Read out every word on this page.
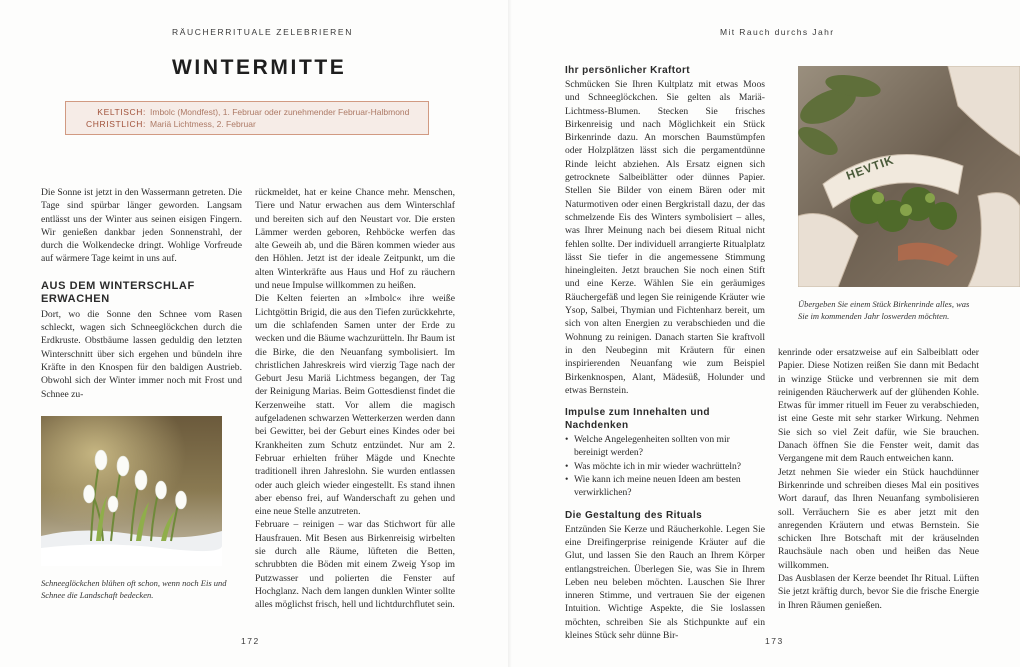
RÄUCHERRITUALE ZELEBRIEREN
WINTERMITTE
KELTISCH: Imbolc (Mondfest), 1. Februar oder zunehmender Februar-Halbmond
CHRISTLICH: Mariä Lichtmess, 2. Februar

Die Sonne ist jetzt in den Wassermann getreten. Die Tage sind spürbar länger geworden. Langsam entlässt uns der Winter aus seinen eisigen Fingern. Wir genießen dankbar jeden Sonnenstrahl, der durch die Wolkendecke dringt. Wohlige Vorfreude auf wärmere Tage keimt in uns auf.

AUS DEM WINTERSCHLAF ERWACHEN

Dort, wo die Sonne den Schnee vom Rasen schleckt, wagen sich Schneeglöckchen durch die Erdkruste. Obstbäume lassen geduldig den letzten Winterschnitt über sich ergehen und bündeln ihre Kräfte in den Knospen für den baldigen Austrieb. Obwohl sich der Winter immer noch mit Frost und Schnee zu-

Schneeglöckchen blühen oft schon, wenn noch Eis und Schnee die Landschaft bedecken.

rückmeldet, hat er keine Chance mehr. Menschen, Tiere und Natur erwachen aus dem Winterschlaf und bereiten sich auf den Neustart vor. Die ersten Lämmer werden geboren, Rehböcke werfen das alte Geweih ab, und die Bären kommen wieder aus den Höhlen. Jetzt ist der ideale Zeitpunkt, um die alten Winterkräfte aus Haus und Hof zu räuchern und neue Impulse willkommen zu heißen.

Die Kelten feierten an »Imbolc« ihre weiße Lichtgöttin Brigid, die aus den Tiefen zurückkehrte, um die schlafenden Samen unter der Erde zu wecken und die Bäume wachzurütteln. Ihr Baum ist die Birke, die den Neuanfang symbolisiert. Im christlichen Jahreskreis wird vierzig Tage nach der Geburt Jesu Mariä Lichtmess begangen, der Tag der Reinigung Marias. Beim Gottesdienst findet die Kerzenweihe statt. Vor allem die magisch aufgeladenen schwarzen Wetterkerzen werden dann bei Gewitter, bei der Geburt eines Kindes oder bei Krankheiten zum Schutz entzündet. Nur am 2. Februar erhielten früher Mägde und Knechte traditionell ihren Jahreslohn. Sie wurden entlassen oder auch gleich wieder eingestellt. Es stand ihnen aber ebenso frei, auf Wanderschaft zu gehen und eine neue Stelle anzutreten.

Februare – reinigen – war das Stichwort für alle Hausfrauen. Mit Besen aus Birkenreisig wirbelten sie durch alle Räume, lüfteten die Betten, schrubbten die Böden mit einem Zweig Ysop im Putzwasser und polierten die Fenster auf Hochglanz. Nach dem langen dunklen Winter sollte alles möglichst frisch, hell und lichtdurchflutet sein.

172
Mit Rauch durchs Jahr
Ihr persönlicher Kraftort

Schmücken Sie Ihren Kultplatz mit etwas Moos und Schneeglöckchen. Sie gelten als Mariä-Lichtmess-Blumen. Stecken Sie frisches Birkenreisig und nach Möglichkeit ein Stück Birkenrinde dazu. An morschen Baumstümpfen oder Holzplätzen lässt sich die pergamentdünne Rinde leicht abziehen. Als Ersatz eignen sich getrocknete Salbeiblätter oder dünnes Papier. Stellen Sie Bilder von einem Bären oder mit Naturmotiven oder einen Bergkristall dazu, der das schmelzende Eis des Winters symbolisiert – alles, was Ihrer Meinung nach bei diesem Ritual nicht fehlen sollte. Der individuell arrangierte Ritualplatz lässt Sie tiefer in die angemessene Stimmung hineingleiten. Jetzt brauchen Sie noch einen Stift und eine Kerze. Wählen Sie ein geräumiges Räuchergefäß und legen Sie reinigende Kräuter wie Ysop, Salbei, Thymian und Fichtenharz bereit, um sich von alten Energien zu verabschieden und die Wohnung zu reinigen. Danach starten Sie kraftvoll in den Neubeginn mit Kräutern für einen inspirierenden Neuanfang wie zum Beispiel Birkenknospen, Alant, Mädesüß, Holunder und etwas Bernstein.

Impulse zum Innehalten und Nachdenken
• Welche Angelegenheiten sollten von mir bereinigt werden?
• Was möchte ich in mir wieder wachrütteln?
• Wie kann ich meine neuen Ideen am besten verwirklichen?
Die Gestaltung des Rituals

Entzünden Sie Kerze und Räucherkohle. Legen Sie eine Dreifingerprise reinigende Kräuter auf die Glut, und lassen Sie den Rauch an Ihrem Körper entlangstreichen. Überlegen Sie, was Sie in Ihrem Leben neu beleben möchten. Lauschen Sie Ihrer inneren Stimme, und vertrauen Sie der eigenen Intuition. Wichtige Aspekte, die Sie loslassen möchten, schreiben Sie als Stichpunkte auf ein kleines Stück sehr dünne Bir-

HEVTIK

Übergeben Sie einem Stück Birkenrinde alles, was Sie im kommenden Jahr loswerden möchten.

kenrinde oder ersatzweise auf ein Salbeiblatt oder Papier. Diese Notizen reißen Sie dann mit Bedacht in winzige Stücke und verbrennen sie mit dem reinigenden Räucherwerk auf der glühenden Kohle. Etwas für immer rituell im Feuer zu verabschieden, ist eine Geste mit sehr starker Wirkung. Nehmen Sie sich so viel Zeit dafür, wie Sie brauchen. Danach öffnen Sie die Fenster weit, damit das Vergangene mit dem Rauch entweichen kann.

Jetzt nehmen Sie wieder ein Stück hauchdünner Birkenrinde und schreiben dieses Mal ein positives Wort darauf, das Ihren Neuanfang symbolisieren soll. Verräuchern Sie es aber jetzt mit den anregenden Kräutern und etwas Bernstein. Sie schicken Ihre Botschaft mit der kräuselnden Rauchsäule nach oben und heißen das Neue willkommen.

Das Ausblasen der Kerze beendet Ihr Ritual. Lüften Sie jetzt kräftig durch, bevor Sie die frische Energie in Ihren Räumen genießen.

173
